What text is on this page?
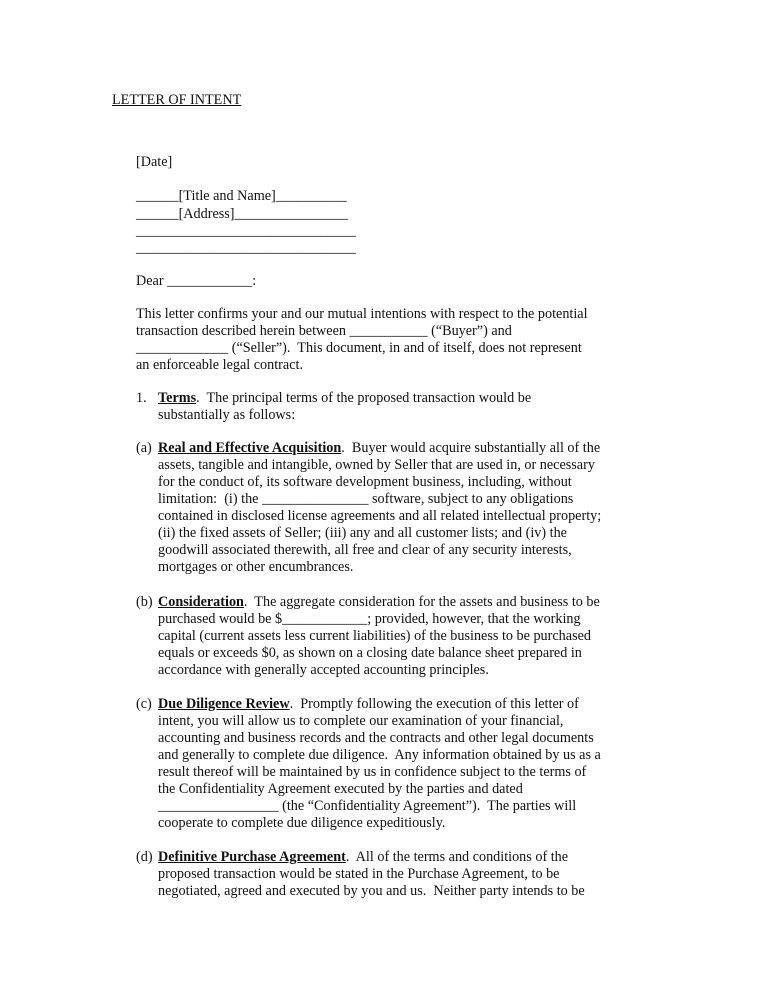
LETTER OF INTENT
[Date]
______[Title and Name]__________
______[Address]________________
_______________________________
_______________________________
Dear ____________:
This letter confirms your and our mutual intentions with respect to the potential
transaction described herein between ___________ (“Buyer”) and
_____________ (“Seller”).  This document, in and of itself, does not represent
an enforceable legal contract.
1. Terms.  The principal terms of the proposed transaction would be
substantially as follows:
(a) Real and Effective Acquisition.  Buyer would acquire substantially all of the
assets, tangible and intangible, owned by Seller that are used in, or necessary
for the conduct of, its software development business, including, without
limitation:  (i) the _______________ software, subject to any obligations
contained in disclosed license agreements and all related intellectual property;
(ii) the fixed assets of Seller; (iii) any and all customer lists; and (iv) the
goodwill associated therewith, all free and clear of any security interests,
mortgages or other encumbrances.
(b) Consideration.  The aggregate consideration for the assets and business to be
purchased would be $____________; provided, however, that the working
capital (current assets less current liabilities) of the business to be purchased
equals or exceeds $0, as shown on a closing date balance sheet prepared in
accordance with generally accepted accounting principles.
(c) Due Diligence Review.  Promptly following the execution of this letter of
intent, you will allow us to complete our examination of your financial,
accounting and business records and the contracts and other legal documents
and generally to complete due diligence.  Any information obtained by us as a
result thereof will be maintained by us in confidence subject to the terms of
the Confidentiality Agreement executed by the parties and dated
_________________ (the “Confidentiality Agreement”).  The parties will
cooperate to complete due diligence expeditiously.
(d) Definitive Purchase Agreement.  All of the terms and conditions of the
proposed transaction would be stated in the Purchase Agreement, to be
negotiated, agreed and executed by you and us.  Neither party intends to be
